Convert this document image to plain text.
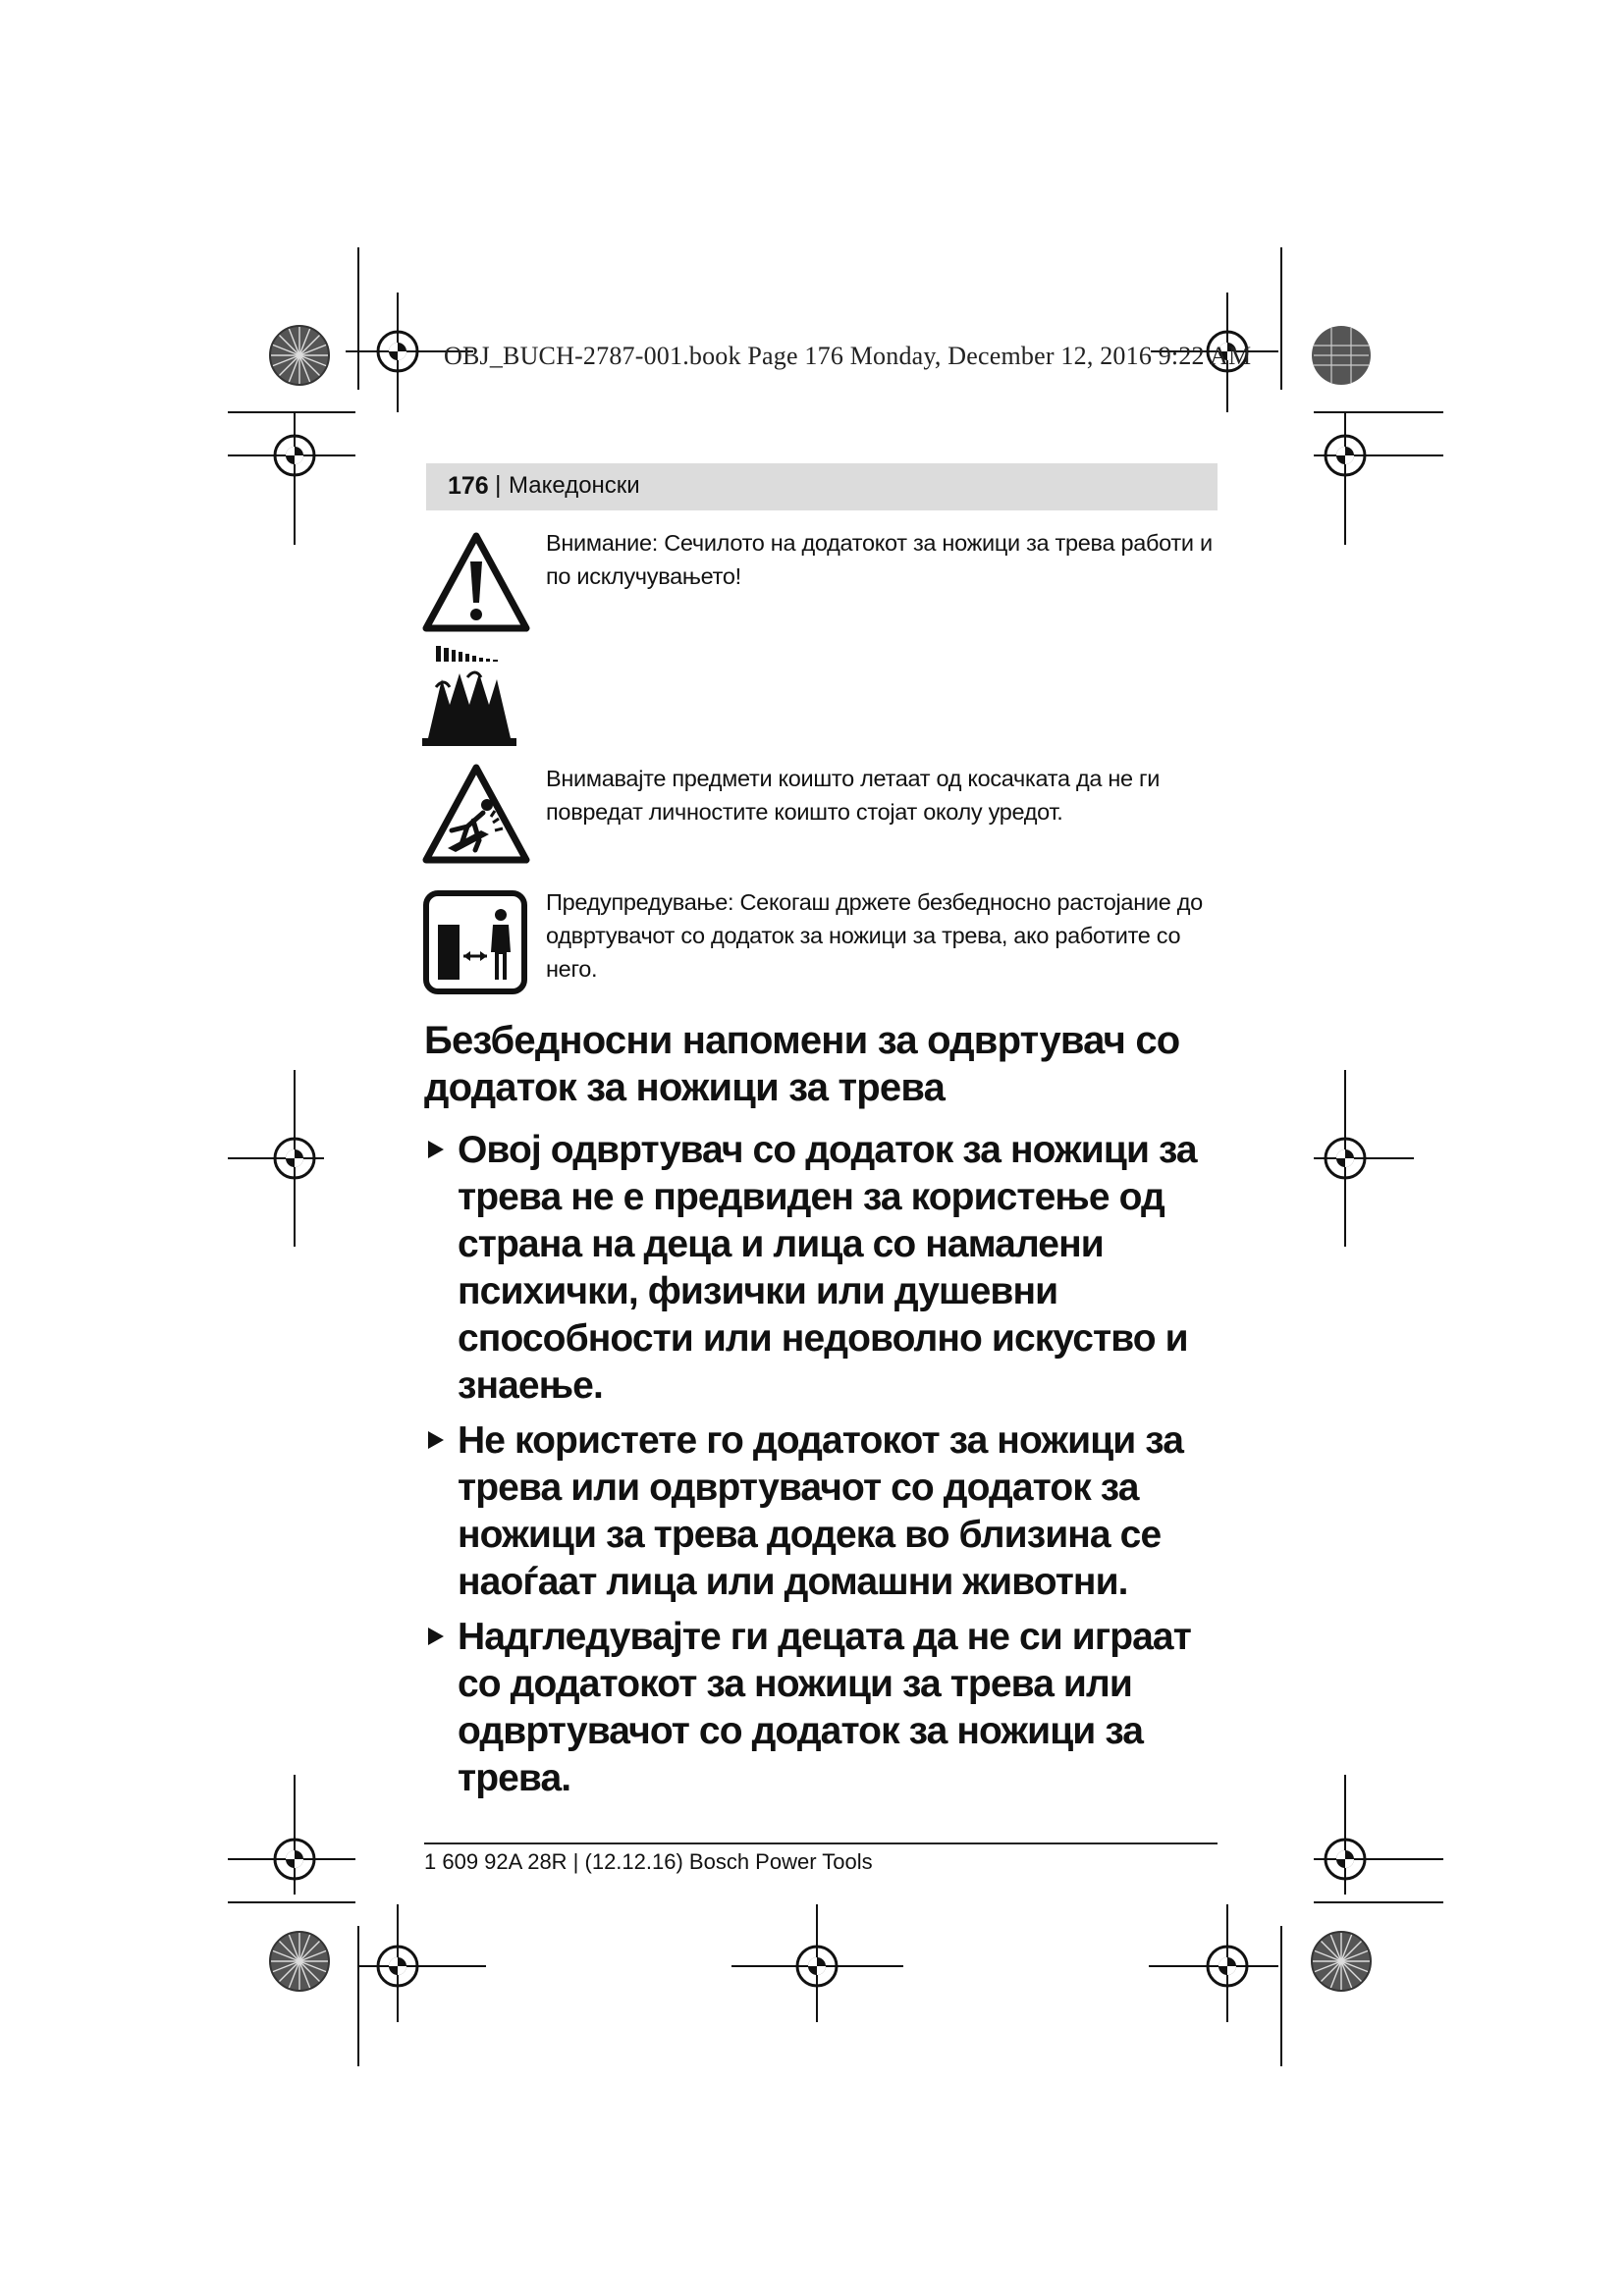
OBJ_BUCH-2787-001.book Page 176 Monday, December 12, 2016 9:22 AM
176 | Македонски
Внимание: Сечилото на додатокот за ножици за трева работи и по исклучувањето!
Внимавајте предмети коишто летаат од косачката да не ги повредат личностите коишто стојат околу уредот.
Предупредување: Секогаш држете безбедносно растојание до одвртувачот со додаток за ножици за трева, ако работите со него.
Безбедносни напомени за одвртувач со додаток за ножици за трева
Овој одвртувач со додаток за ножици за трева не е предвиден за користење од страна на деца и лица со намалени психички, физички или душевни способности или недоволно искуство и знаење.
Не користете го додатокот за ножици за трева или одвртувачот со додаток за ножици за трева додека во близина се наоѓаат лица или домашни животни.
Надгледувајте ги децата да не си играат со додатокот за ножици за трева или одвртувачот со додаток за ножици за трева.
1 609 92A 28R | (12.12.16) Bosch Power Tools
